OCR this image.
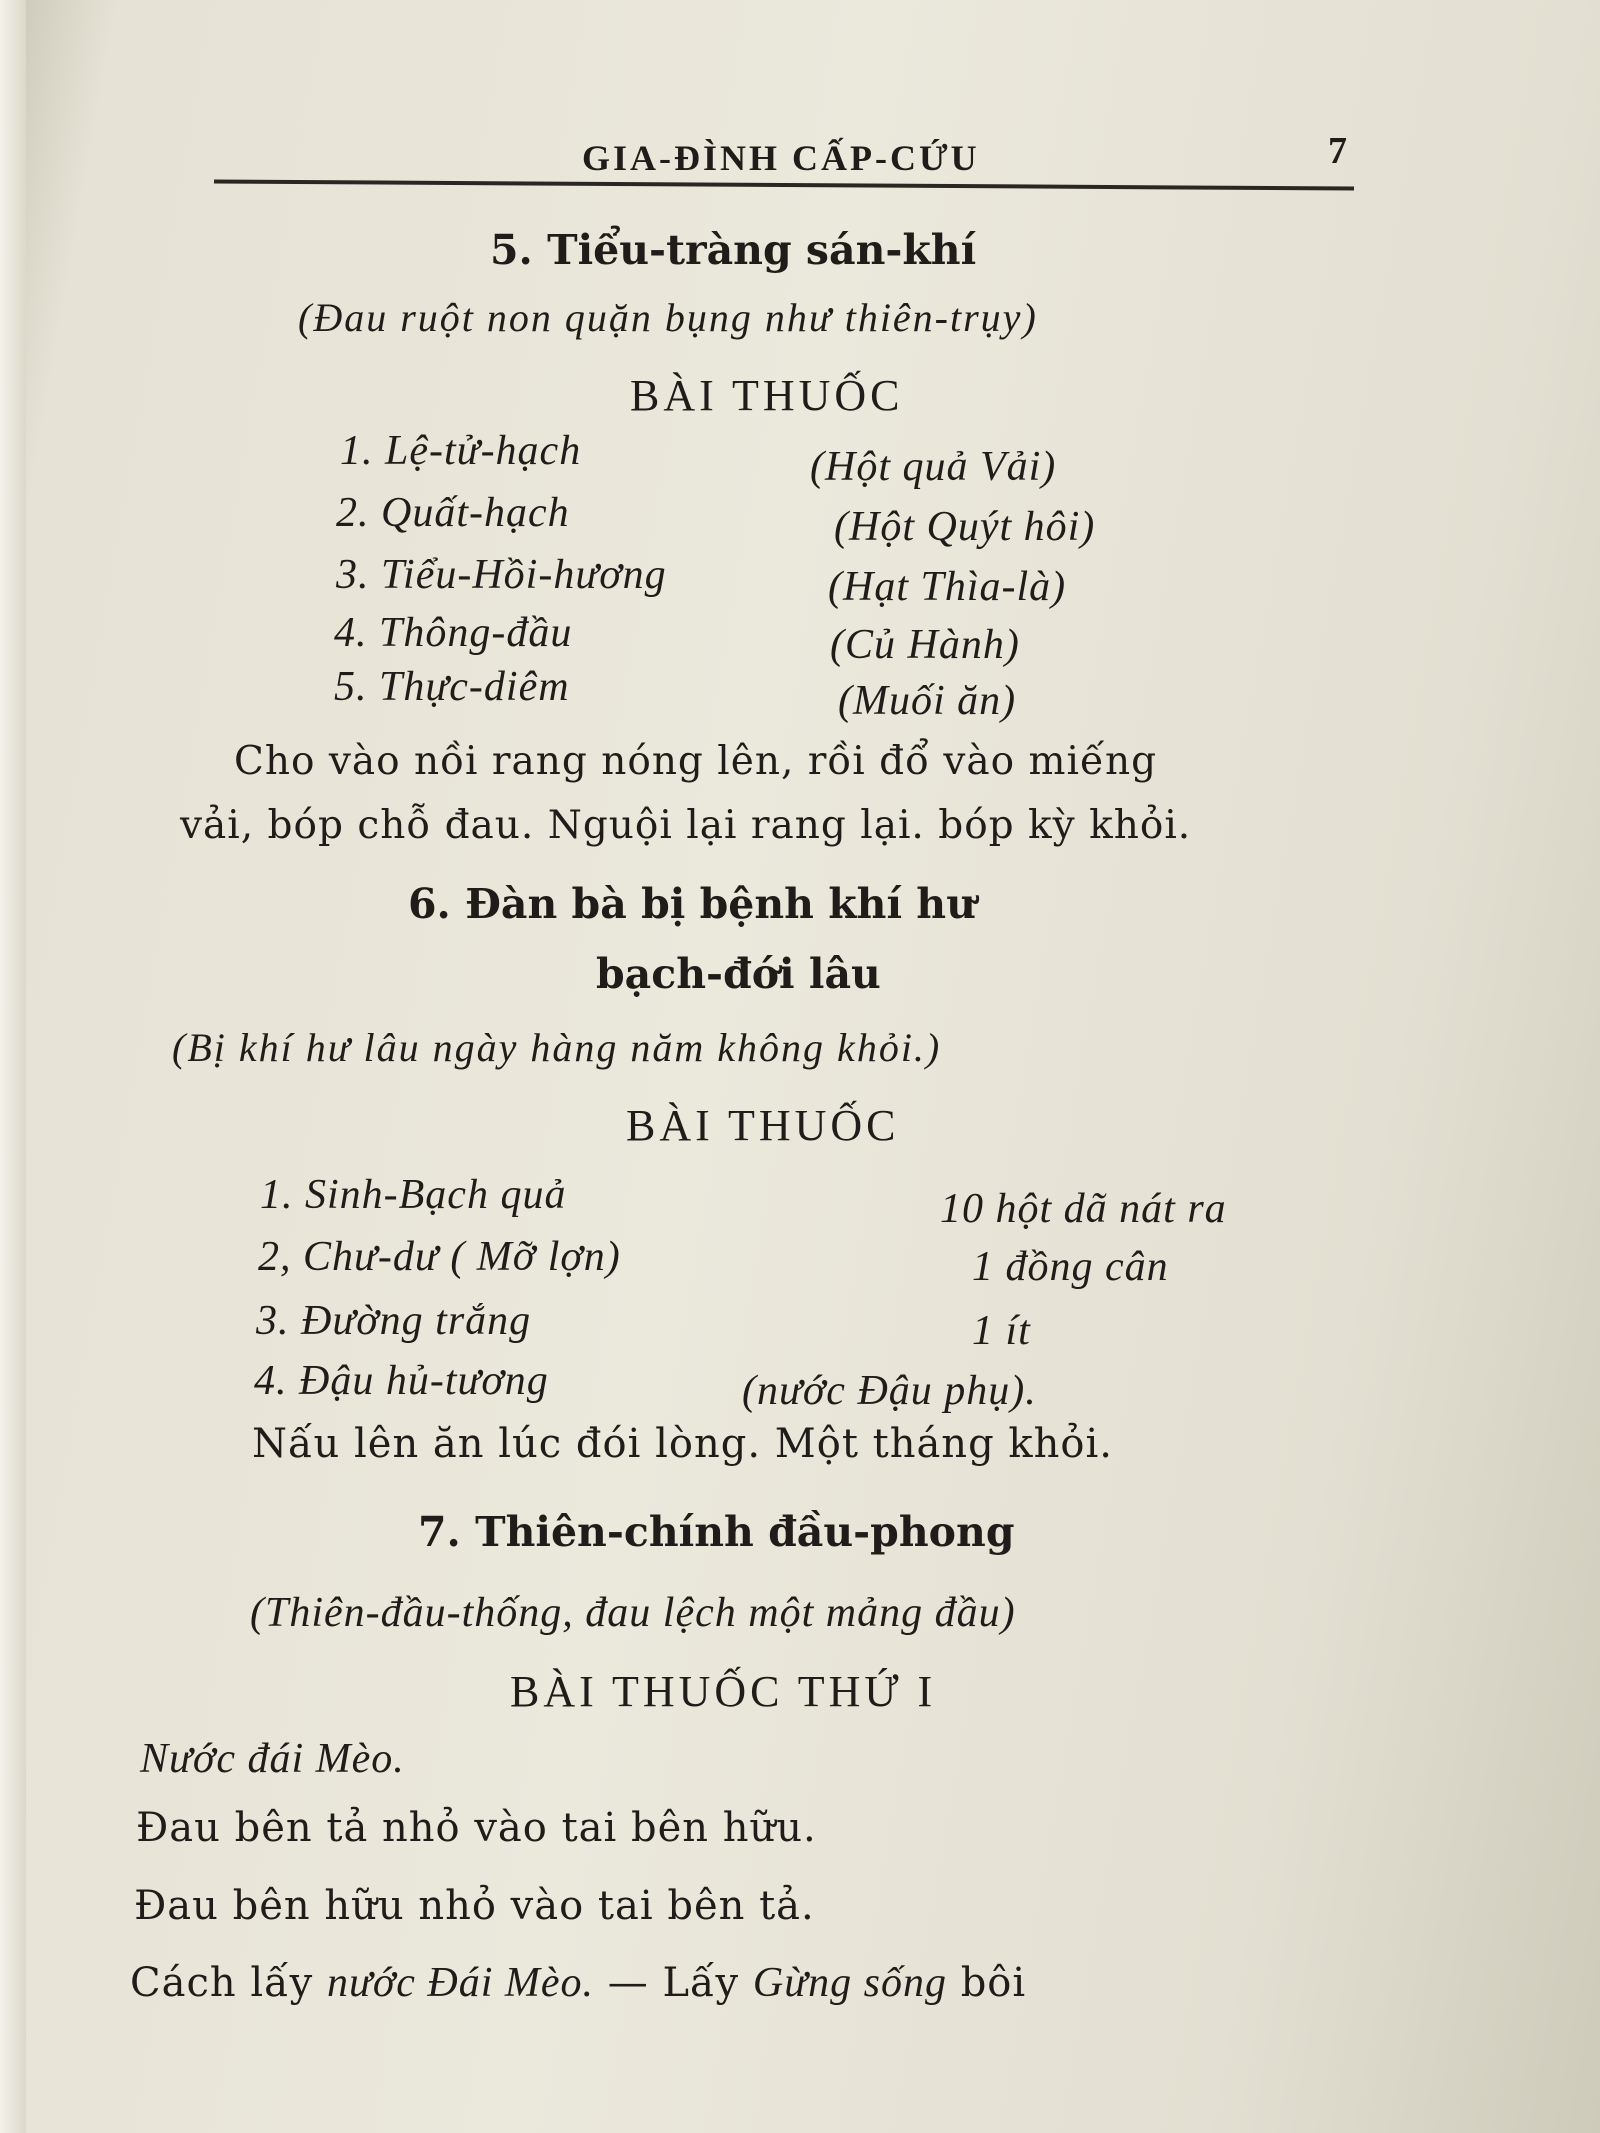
GIA-ĐÌNH CẤP-CỨU	7
5. Tiểu-tràng sán-khí
(Đau ruột non quặn bụng như thiên-trụy)
BÀI THUỐC
1. Lệ-tử-hạch	(Hột quả Vải)
2. Quất-hạch	(Hột Quýt hôi)
3. Tiểu-Hồi-hương	(Hạt Thìa-là)
4. Thông-đầu	(Củ Hành)
5. Thực-diêm	(Muối ăn)
Cho vào nồi rang nóng lên, rồi đổ vào miếng
vải, bóp chỗ đau. Nguội lại rang lại. bóp kỳ khỏi.
6. Đàn bà bị bệnh khí hư
bạch-đới lâu
(Bị khí hư lâu ngày hàng năm không khỏi.)
BÀI THUỐC
1. Sinh-Bạch quả	10 hột dã nát ra
2, Chư-dư ( Mỡ lợn)	1 đồng cân
3. Đường trắng	1 ít
4. Đậu hủ-tương	(nước Đậu phụ).
Nấu lên ăn lúc đói lòng. Một tháng khỏi.
7. Thiên-chính đầu-phong
(Thiên-đầu-thống, đau lệch một mảng đầu)
BÀI THUỐC THỨ I
Nước đái Mèo.
Đau bên tả nhỏ vào tai bên hữu.
Đau bên hữu nhỏ vào tai bên tả.
Cách lấy nước Đái Mèo. — Lấy Gừng sống bôi
